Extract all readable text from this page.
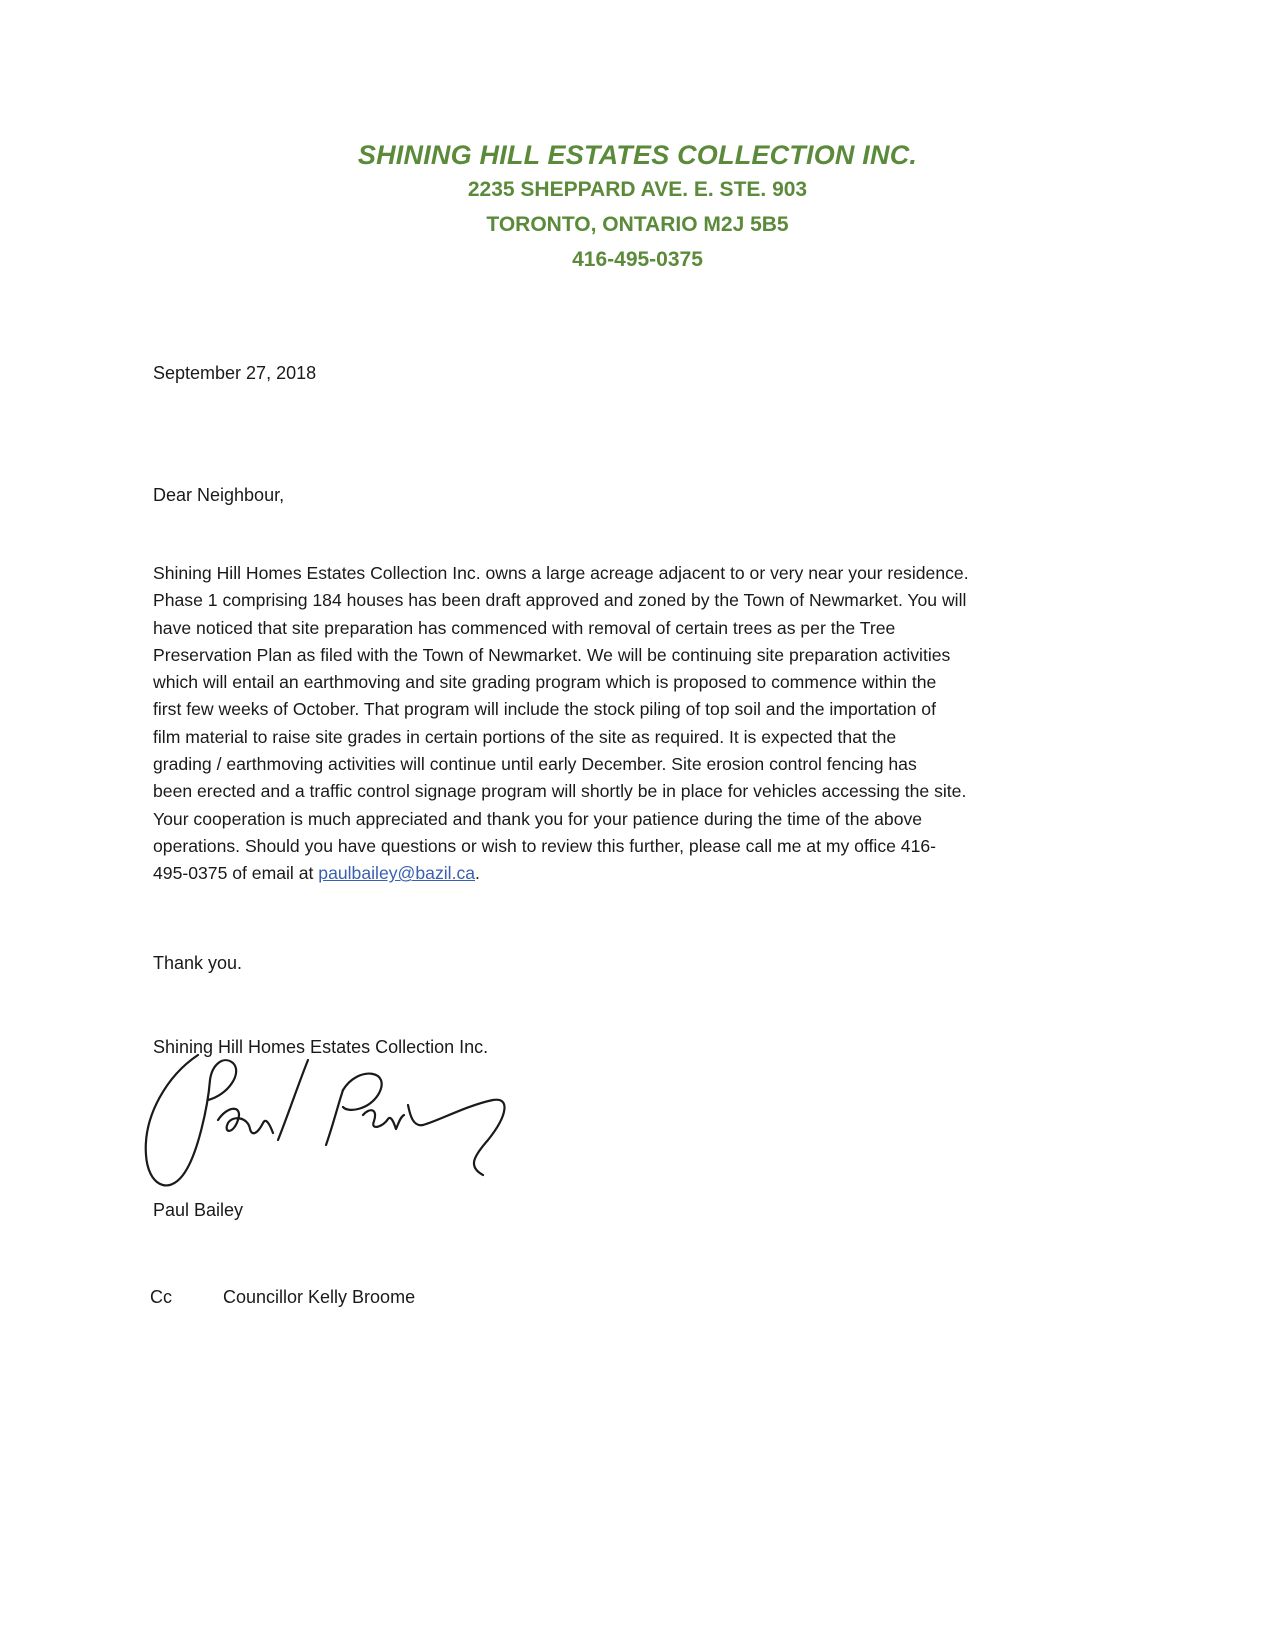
SHINING HILL ESTATES COLLECTION INC.
2235 SHEPPARD AVE. E. STE. 903
TORONTO, ONTARIO M2J 5B5
416-495-0375
September 27, 2018
Dear Neighbour,
Shining Hill Homes Estates Collection Inc. owns a large acreage adjacent to or very near your residence.
Phase 1 comprising 184 houses has been draft approved and zoned by the Town of Newmarket. You will
have noticed that site preparation has commenced with removal of certain trees as per the Tree
Preservation Plan as filed with the Town of Newmarket. We will be continuing site preparation activities
which will entail an earthmoving and site grading program which is proposed to commence within the
first few weeks of October. That program will include the stock piling of top soil and the importation of
film material to raise site grades in certain portions of the site as required. It is expected that the
grading / earthmoving activities will continue until early December. Site erosion control fencing has
been erected and a traffic control signage program will shortly be in place for vehicles accessing the site.
Your cooperation is much appreciated and thank you for your patience during the time of the above
operations. Should you have questions or wish to review this further, please call me at my office 416-
495-0375 of email at paulbailey@bazil.ca.
Thank you.
Shining Hill Homes Estates Collection Inc.
Paul Bailey
Cc	Councillor Kelly Broome
